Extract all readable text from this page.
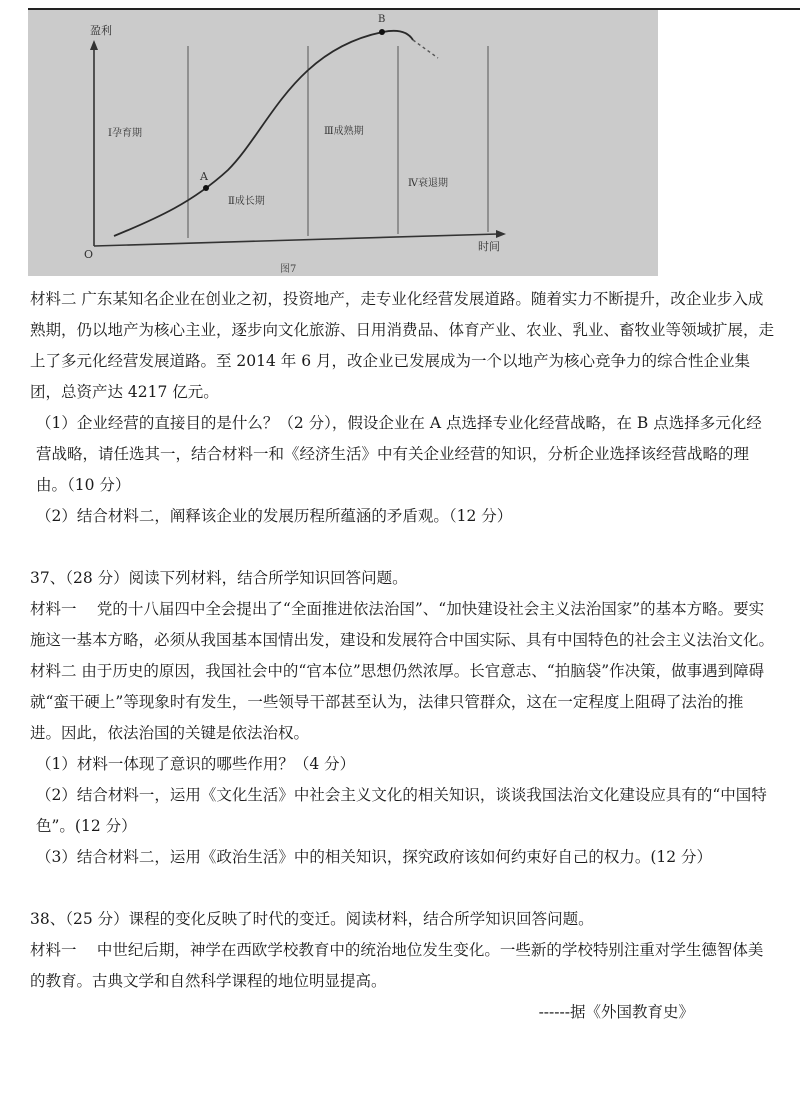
盈利
时间
O
A
B
Ⅰ孕育期
Ⅱ成长期
Ⅲ成熟期
Ⅳ衰退期
图7

材料二 广东某知名企业在创业之初，投资地产，走专业化经营发展道路。随着实力不断提升，改企业步入成熟期，仍以地产为核心主业，逐步向文化旅游、日用消费品、体育产业、农业、乳业、畜牧业等领域扩展，走上了多元化经营发展道路。至 2014 年 6 月，改企业已发展成为一个以地产为核心竞争力的综合性企业集团，总资产达 4217 亿元。

（1）企业经营的直接目的是什么？（2 分），假设企业在 A 点选择专业化经营战略，在 B 点选择多元化经营战略，请任选其一，结合材料一和《经济生活》中有关企业经营的知识，分析企业选择该经营战略的理由。（10 分）

（2）结合材料二，阐释该企业的发展历程所蕴涵的矛盾观。（12 分）

37、（28 分）阅读下列材料，结合所学知识回答问题。

材料一　 党的十八届四中全会提出了“全面推进依法治国”、“加快建设社会主义法治国家”的基本方略。要实施这一基本方略，必须从我国基本国情出发，建设和发展符合中国实际、具有中国特色的社会主义法治文化。

材料二 由于历史的原因，我国社会中的“官本位”思想仍然浓厚。长官意志、“拍脑袋”作决策，做事遇到障碍就“蛮干硬上”等现象时有发生，一些领导干部甚至认为，法律只管群众，这在一定程度上阻碍了法治的推进。因此，依法治国的关键是依法治权。

（1）材料一体现了意识的哪些作用？（4 分）

（2）结合材料一，运用《文化生活》中社会主义文化的相关知识，谈谈我国法治文化建设应具有的“中国特色”。(12 分）

（3）结合材料二，运用《政治生活》中的相关知识，探究政府该如何约束好自己的权力。(12 分）

38、（25 分）课程的变化反映了时代的变迁。阅读材料，结合所学知识回答问题。

材料一　 中世纪后期，神学在西欧学校教育中的统治地位发生变化。一些新的学校特别注重对学生德智体美的教育。古典文学和自然科学课程的地位明显提高。

------据《外国教育史》
